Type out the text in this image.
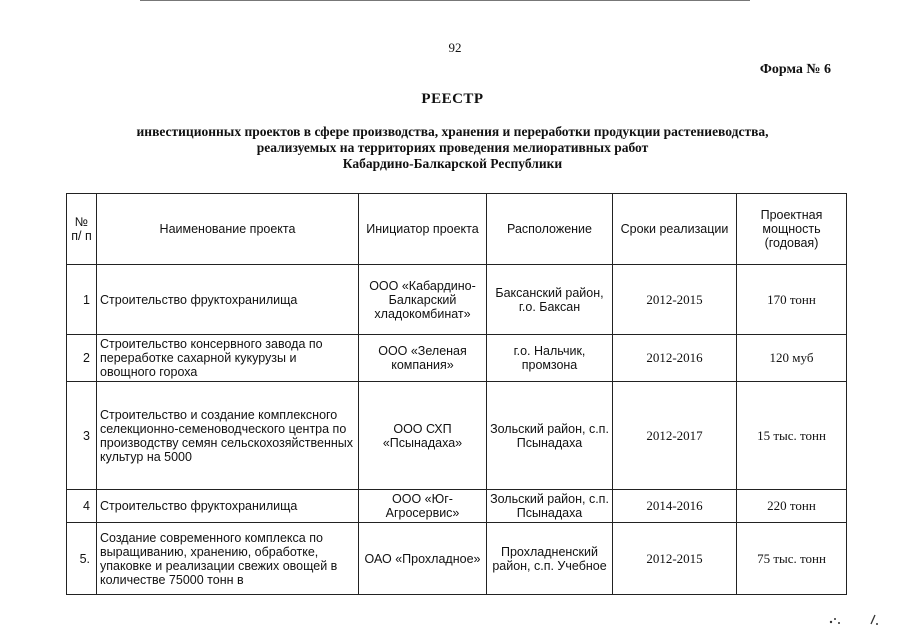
92
Форма № 6
РЕЕСТР
инвестиционных проектов в сфере производства, хранения и переработки продукции растениеводства,
реализуемых на территориях проведения мелиоративных работ
Кабардино-Балкарской Республики
№ п/ п	Наименование проекта	Инициатор проекта	Расположение	Сроки реализации	Проектная мощность (годовая)
1	Строительство фруктохранилища	ООО «Кабардино-Балкарский хладокомбинат»	Баксанский район, г.о. Баксан	2012-2015	170 тонн
2	Строительство консервного завода по переработке сахарной кукурузы и овощного гороха	ООО «Зеленая компания»	г.о. Нальчик, промзона	2012-2016	120 муб
3	Строительство и создание комплексного селекционно-семеноводческого центра по производству семян сельскохозяйственных культур на 5000	ООО СХП «Псынадаха»	Зольский район, с.п. Псынадаха	2012-2017	15 тыс. тонн
4	Строительство фруктохранилища	ООО «Юг-Агросервис»	Зольский район, с.п. Псынадаха	2014-2016	220 тонн
5.	Создание современного комплекса по выращиванию, хранению, обработке, упаковке и реализации свежих овощей в количестве 75000 тонн в	ОАО «Прохладное»	Прохладненский район, с.п. Учебное	2012-2015	75 тыс. тонн
